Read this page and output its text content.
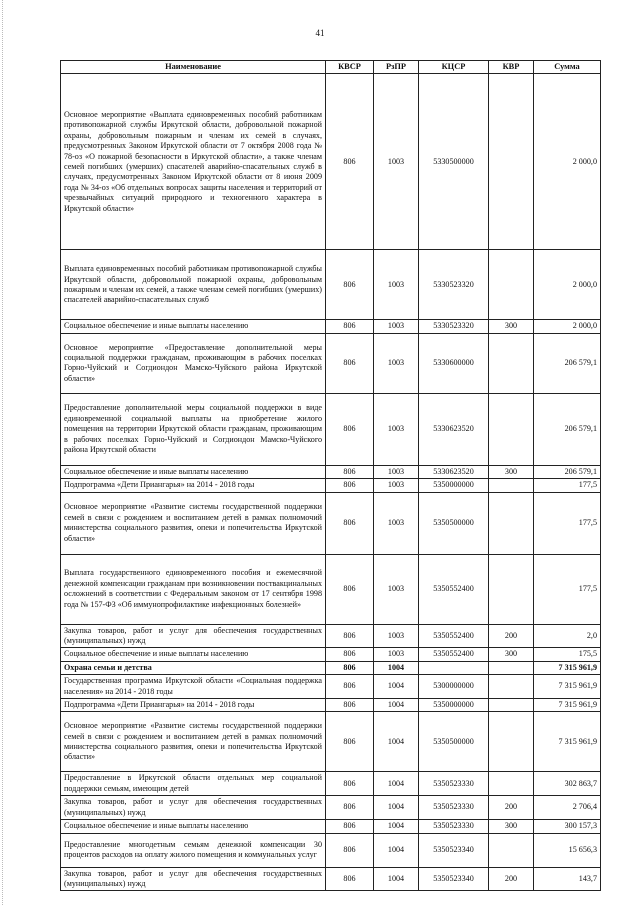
41
Наименование	КВСР	РзПР	КЦСР	КВР	Сумма
Основное мероприятие «Выплата единовременных пособий работникам противопожарной службы Иркутской области, добровольной пожарной охраны, добровольным пожарным и членам их семей в случаях, предусмотренных Законом Иркутской области от 7 октября 2008 года № 78-оз «О пожарной безопасности в Иркутской области», а также членам семей погибших (умерших) спасателей аварийно-спасательных служб в случаях, предусмотренных Законом Иркутской области от 8 июня 2009 года № 34-оз «Об отдельных вопросах защиты населения и территорий от чрезвычайных ситуаций природного и техногенного характера в Иркутской области»	806	1003	5330500000		2 000,0
Выплата единовременных пособий работникам противопожарной службы Иркутской области, добровольной пожарной охраны, добровольным пожарным и членам их семей, а также членам семей погибших (умерших) спасателей аварийно-спасательных служб	806	1003	5330523320		2 000,0
Социальное обеспечение и иные выплаты населению	806	1003	5330523320	300	2 000,0
Основное мероприятие «Предоставление дополнительной меры социальной поддержки гражданам, проживающим в рабочих поселках Горно-Чуйский и Согдиондон Мамско-Чуйского района Иркутской области»	806	1003	5330600000		206 579,1
Предоставление дополнительной меры социальной поддержки в виде единовременной социальной выплаты на приобретение жилого помещения на территории Иркутской области гражданам, проживающим в рабочих поселках Горно-Чуйский и Согдиондон Мамско-Чуйского района Иркутской области	806	1003	5330623520		206 579,1
Социальное обеспечение и иные выплаты населению	806	1003	5330623520	300	206 579,1
Подпрограмма «Дети Приангарья» на 2014 - 2018 годы	806	1003	5350000000		177,5
Основное мероприятие «Развитие системы государственной поддержки семей в связи с рождением и воспитанием детей в рамках полномочий министерства социального развития, опеки и попечительства Иркутской области»	806	1003	5350500000		177,5
Выплата государственного единовременного пособия и ежемесячной денежной компенсации гражданам при возникновении поствакцинальных осложнений в соответствии с Федеральным законом от 17 сентября 1998 года № 157-ФЗ «Об иммунопрофилактике инфекционных болезней»	806	1003	5350552400		177,5
Закупка товаров, работ и услуг для обеспечения государственных (муниципальных) нужд	806	1003	5350552400	200	2,0
Социальное обеспечение и иные выплаты населению	806	1003	5350552400	300	175,5
Охрана семьи и детства	806	1004			7 315 961,9
Государственная программа Иркутской области «Социальная поддержка населения» на 2014 - 2018 годы	806	1004	5300000000		7 315 961,9
Подпрограмма «Дети Приангарья» на 2014 - 2018 годы	806	1004	5350000000		7 315 961,9
Основное мероприятие «Развитие системы государственной поддержки семей в связи с рождением и воспитанием детей в рамках полномочий министерства социального развития, опеки и попечительства Иркутской области»	806	1004	5350500000		7 315 961,9
Предоставление в Иркутской области отдельных мер социальной поддержки семьям, имеющим детей	806	1004	5350523330		302 863,7
Закупка товаров, работ и услуг для обеспечения государственных (муниципальных) нужд	806	1004	5350523330	200	2 706,4
Социальное обеспечение и иные выплаты населению	806	1004	5350523330	300	300 157,3
Предоставление многодетным семьям денежной компенсации 30 процентов расходов на оплату жилого помещения и коммунальных услуг	806	1004	5350523340		15 656,3
Закупка товаров, работ и услуг для обеспечения государственных (муниципальных) нужд	806	1004	5350523340	200	143,7
